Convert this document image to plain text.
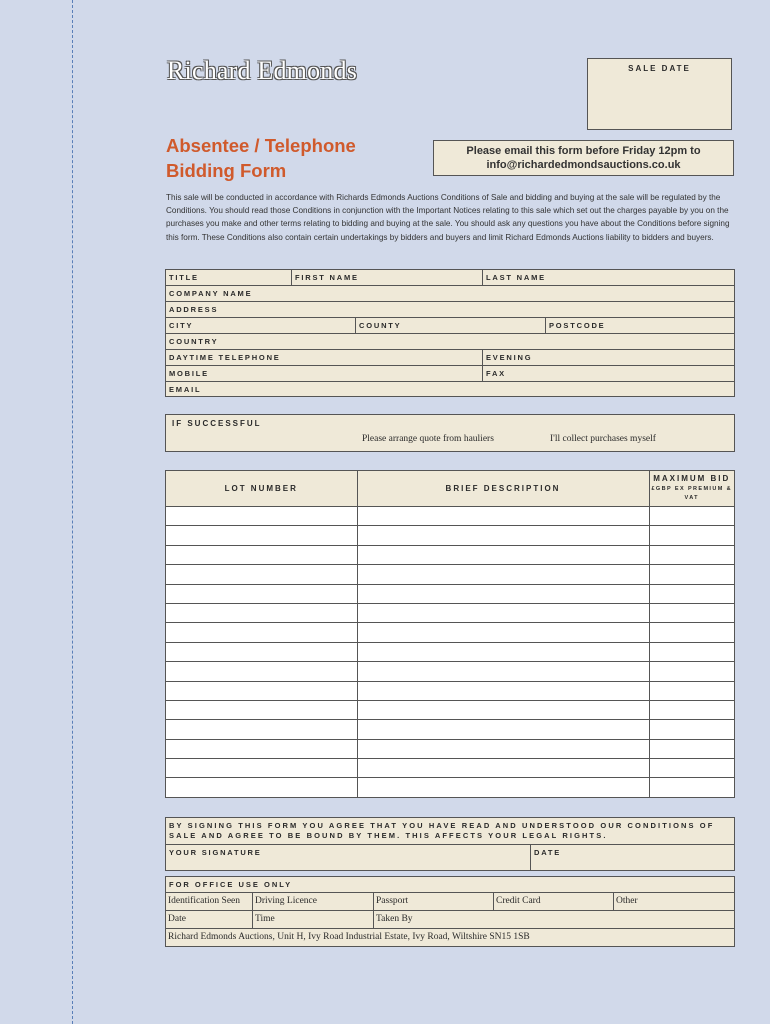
Richard Edmonds	SALE DATE
Absentee / Telephone
Bidding Form
Please email this form before Friday 12pm to
info@richardedmondsauctions.co.uk
This sale will be conducted in accordance with Richards Edmonds Auctions Conditions of Sale and bidding and buying at the sale will be regulated by the Conditions. You should read those Conditions in conjunction with the Important Notices relating to this sale which set out the charges payable by you on the purchases you make and other terms relating to bidding and buying at the sale. You should ask any questions you have about the Conditions before signing this form. These Conditions also contain certain undertakings by bidders and buyers and limit Richard Edmonds Auctions liability to bidders and buyers.
TITLE	FIRST NAME	LAST NAME
COMPANY NAME
ADDRESS
CITY	COUNTY	POSTCODE
COUNTRY
DAYTIME TELEPHONE	EVENING
MOBILE	FAX
EMAIL
IF SUCCESSFUL
Please arrange quote from hauliers	I'll collect purchases myself
LOT NUMBER	BRIEF DESCRIPTION	MAXIMUM BID
£GBP EX PREMIUM & VAT

BY SIGNING THIS FORM YOU AGREE THAT YOU HAVE READ AND UNDERSTOOD OUR CONDITIONS OF SALE AND AGREE TO BE BOUND BY THEM. THIS AFFECTS YOUR LEGAL RIGHTS.
YOUR SIGNATURE	DATE
FOR OFFICE USE ONLY
Identification Seen	Driving Licence	Passport	Credit Card	Other
Date	Time	Taken By
Richard Edmonds Auctions, Unit H, Ivy Road Industrial Estate, Ivy Road, Wiltshire SN15 1SB
